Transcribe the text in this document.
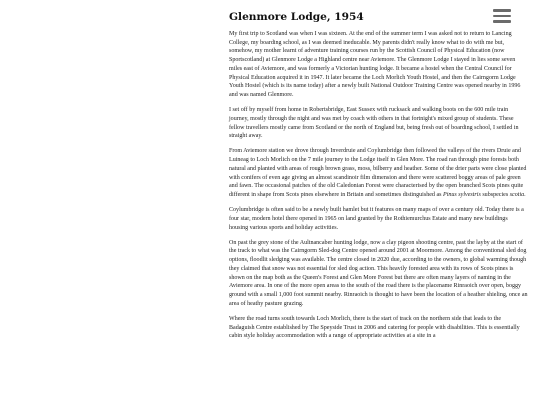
Glenmore Lodge, 1954

My first trip to Scotland was when I was sixteen. At the end of the summer term I was asked not to return to Lancing College, my boarding school, as I was deemed ineducable. My parents didn't really know what to do with me but, somehow, my mother learnt of adventure training courses run by the Scottish Council of Physical Education (now Sportscotland) at Glenmore Lodge a Highland centre near Aviemore. The Glenmore Lodge I stayed in lies some seven miles east of Aviemore, and was formerly a Victorian hunting lodge. It became a hostel when the Central Council for Physical Education acquired it in 1947. It later became the Loch Morlich Youth Hostel, and then the Cairngorm Lodge Youth Hostel (which is its name today) after a newly built National Outdoor Training Centre was opened nearby in 1996 and was named Glenmore.

I set off by myself from home in Robertsbridge, East Sussex with rucksack and walking boots on the 600 mile train journey, mostly through the night and was met by coach with others in that fortnight's mixed group of students. These fellow travellers mostly came from Scotland or the north of England but, being fresh out of boarding school, I settled in straight away.

From Aviemore station we drove through Inverdruie and Coylumbridge then followed the valleys of the rivers Druie and Luineag to Loch Morlich on the 7 mile journey to the Lodge itself in Glen More. The road ran through pine forests both natural and planted with areas of rough brown grass, moss, bilberry and heather. Some of the drier parts were close planted with conifers of even age giving an almost scandinoir film dimension and there were scattered boggy areas of pale green and fawn. The occasional patches of the old Caledonian Forest were characterised by the open branched Scots pines quite different in shape from Scots pines elsewhere in Britain and sometimes distinguished as Pinus sylvestris subspecies scotia.

Coylumbridge is often said to be a newly built hamlet but it features on many maps of over a century old. Today there is a four star, modern hotel there opened in 1965 on land granted by the Rothiemurchus Estate and many new buildings housing various sports and holiday activities.

On past the grey stone of the Aultnancaber hunting lodge, now a clay pigeon shooting centre, past the layby at the start of the track to what was the Cairngorm Sled-dog Centre opened around 2001 at Moormore. Among the conventional sled dog options, floodlit sledging was available. The centre closed in 2020 due, according to the owners, to global warming though they claimed that snow was not essential for sled dog action. This heavily forested area with its rows of Scots pines is shown on the map both as the Queen's Forest and Glen More Forest but there are often many layers of naming in the Aviemore area. In one of the more open areas to the south of the road there is the placename Rinraoich over open, boggy ground with a small 1,000 foot summit nearby. Rinraoich is thought to have been the location of a heather shieling, once an area of heathy pasture grazing.

Where the road turns south towards Loch Morlich, there is the start of track on the northern side that leads to the Badaguish Centre established by The Speyside Trust in 2006 and catering for people with disabilities. This is essentially cabin style holiday accommodation with a range of appropriate activities at a site in a
